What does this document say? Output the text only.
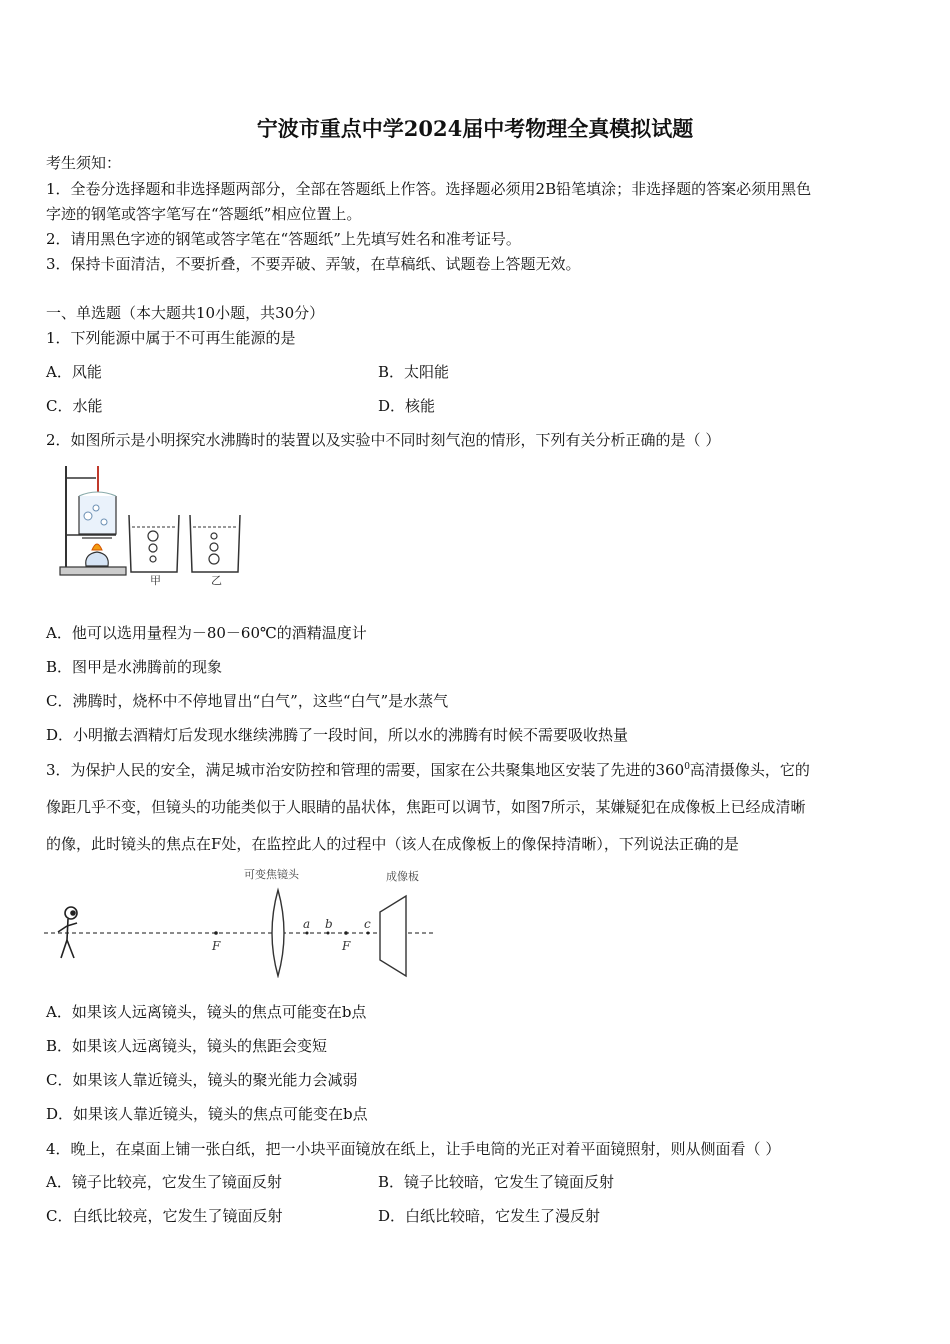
宁波市重点中学2024届中考物理全真模拟试题
考生须知：
1．全卷分选择题和非选择题两部分，全部在答题纸上作答。选择题必须用2B铅笔填涂；非选择题的答案必须用黑色
字迹的钢笔或答字笔写在“答题纸”相应位置上。
2．请用黑色字迹的钢笔或答字笔在“答题纸”上先填写姓名和准考证号。
3．保持卡面清洁，不要折叠，不要弄破、弄皱，在草稿纸、试题卷上答题无效。
一、单选题（本大题共10小题，共30分）
1．下列能源中属于不可再生能源的是
A．风能	B．太阳能
C．水能	D．核能
2．如图所示是小明探究水沸腾时的装置以及实验中不同时刻气泡的情形，下列有关分析正确的是（ ）
甲	乙
A．他可以选用量程为－80－60℃的酒精温度计
B．图甲是水沸腾前的现象
C．沸腾时，烧杯中不停地冒出“白气”，这些“白气”是水蒸气
D．小明撤去酒精灯后发现水继续沸腾了一段时间，所以水的沸腾有时候不需要吸收热量
3．为保护人民的安全，满足城市治安防控和管理的需要，国家在公共聚集地区安装了先进的$360^0$高清摄像头，它的
像距几乎不变，但镜头的功能类似于人眼睛的晶状体，焦距可以调节，如图7所示，某嫌疑犯在成像板上已经成清晰
的像，此时镜头的焦点在F处，在监控此人的过程中（该人在成像板上的像保持清晰），下列说法正确的是
可变焦镜头
F	F
a b	c
成像板
A．如果该人远离镜头，镜头的焦点可能变在b点
B．如果该人远离镜头，镜头的焦距会变短
C．如果该人靠近镜头，镜头的聚光能力会减弱
D．如果该人靠近镜头，镜头的焦点可能变在b点
4．晚上，在桌面上铺一张白纸，把一小块平面镜放在纸上，让手电筒的光正对着平面镜照射，则从侧面看（ ）
A．镜子比较亮，它发生了镜面反射	B．镜子比较暗，它发生了镜面反射
C．白纸比较亮，它发生了镜面反射	D．白纸比较暗，它发生了漫反射
